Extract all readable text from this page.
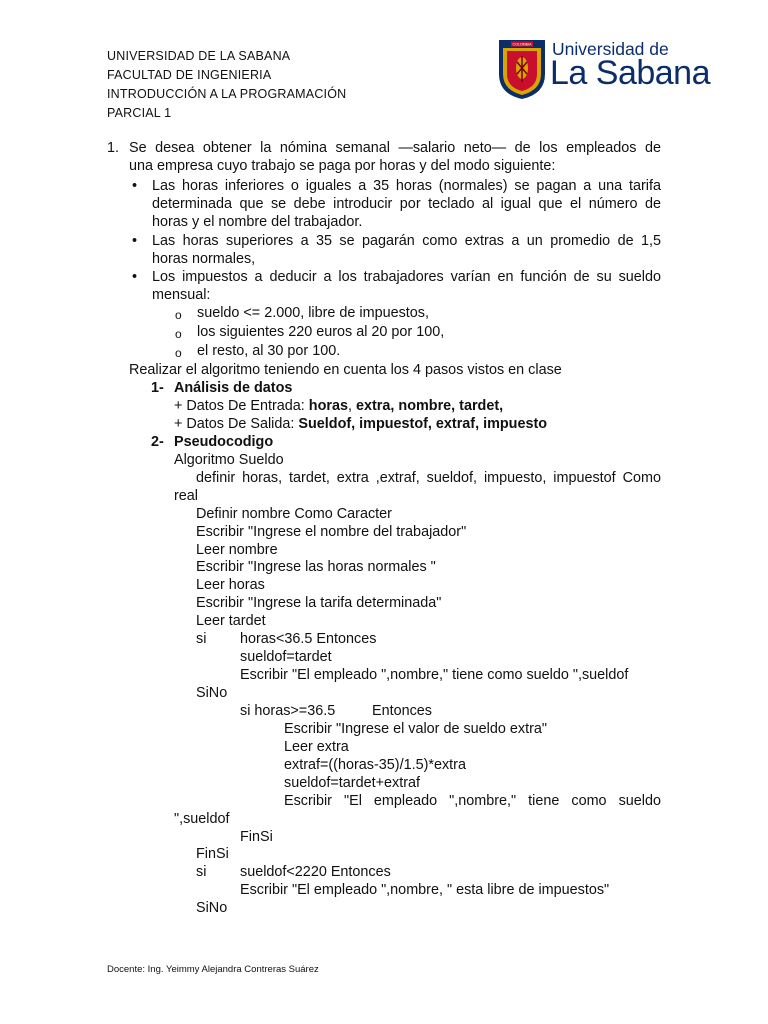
UNIVERSIDAD DE LA SABANA
FACULTAD DE INGENIERIA
INTRODUCCIÓN A LA PROGRAMACIÓN
PARCIAL 1
COLOMBIA Universidad de
La Sabana
1. Se desea obtener la nómina semanal —salario neto— de los empleados de
una empresa cuyo trabajo se paga por horas y del modo siguiente:
• Las horas inferiores o iguales a 35 horas (normales) se pagan a una tarifa
determinada que se debe introducir por teclado al igual que el número de
horas y el nombre del trabajador.
• Las horas superiores a 35 se pagarán como extras a un promedio de 1,5
horas normales,
• Los impuestos a deducir a los trabajadores varían en función de su sueldo
mensual:
o sueldo <= 2.000, libre de impuestos,
o los siguientes 220 euros al 20 por 100,
o el resto, al 30 por 100.
Realizar el algoritmo teniendo en cuenta los 4 pasos vistos en clase
1- Análisis de datos
+ Datos De Entrada: horas, extra, nombre, tardet,
+ Datos De Salida: Sueldof, impuestof, extraf, impuesto
2- Pseudocodigo
Algoritmo Sueldo
definir horas, tardet, extra ,extraf, sueldof, impuesto, impuestof Como
real
Definir nombre Como Caracter
Escribir "Ingrese el nombre del trabajador"
Leer nombre
Escribir "Ingrese las horas normales "
Leer horas
Escribir "Ingrese la tarifa determinada"
Leer tardet
si horas<36.5 Entonces
sueldof=tardet
Escribir "El empleado ",nombre," tiene como sueldo ",sueldof
SiNo
si horas>=36.5	Entonces
Escribir "Ingrese el valor de sueldo extra"
Leer extra
extraf=((horas-35)/1.5)*extra
sueldof=tardet+extraf
Escribir "El empleado ",nombre," tiene como sueldo
",sueldof
FinSi
FinSi
si sueldof<2220 Entonces
Escribir "El empleado ",nombre, " esta libre de impuestos"
SiNo
Docente: Ing. Yeimmy Alejandra Contreras Suárez
